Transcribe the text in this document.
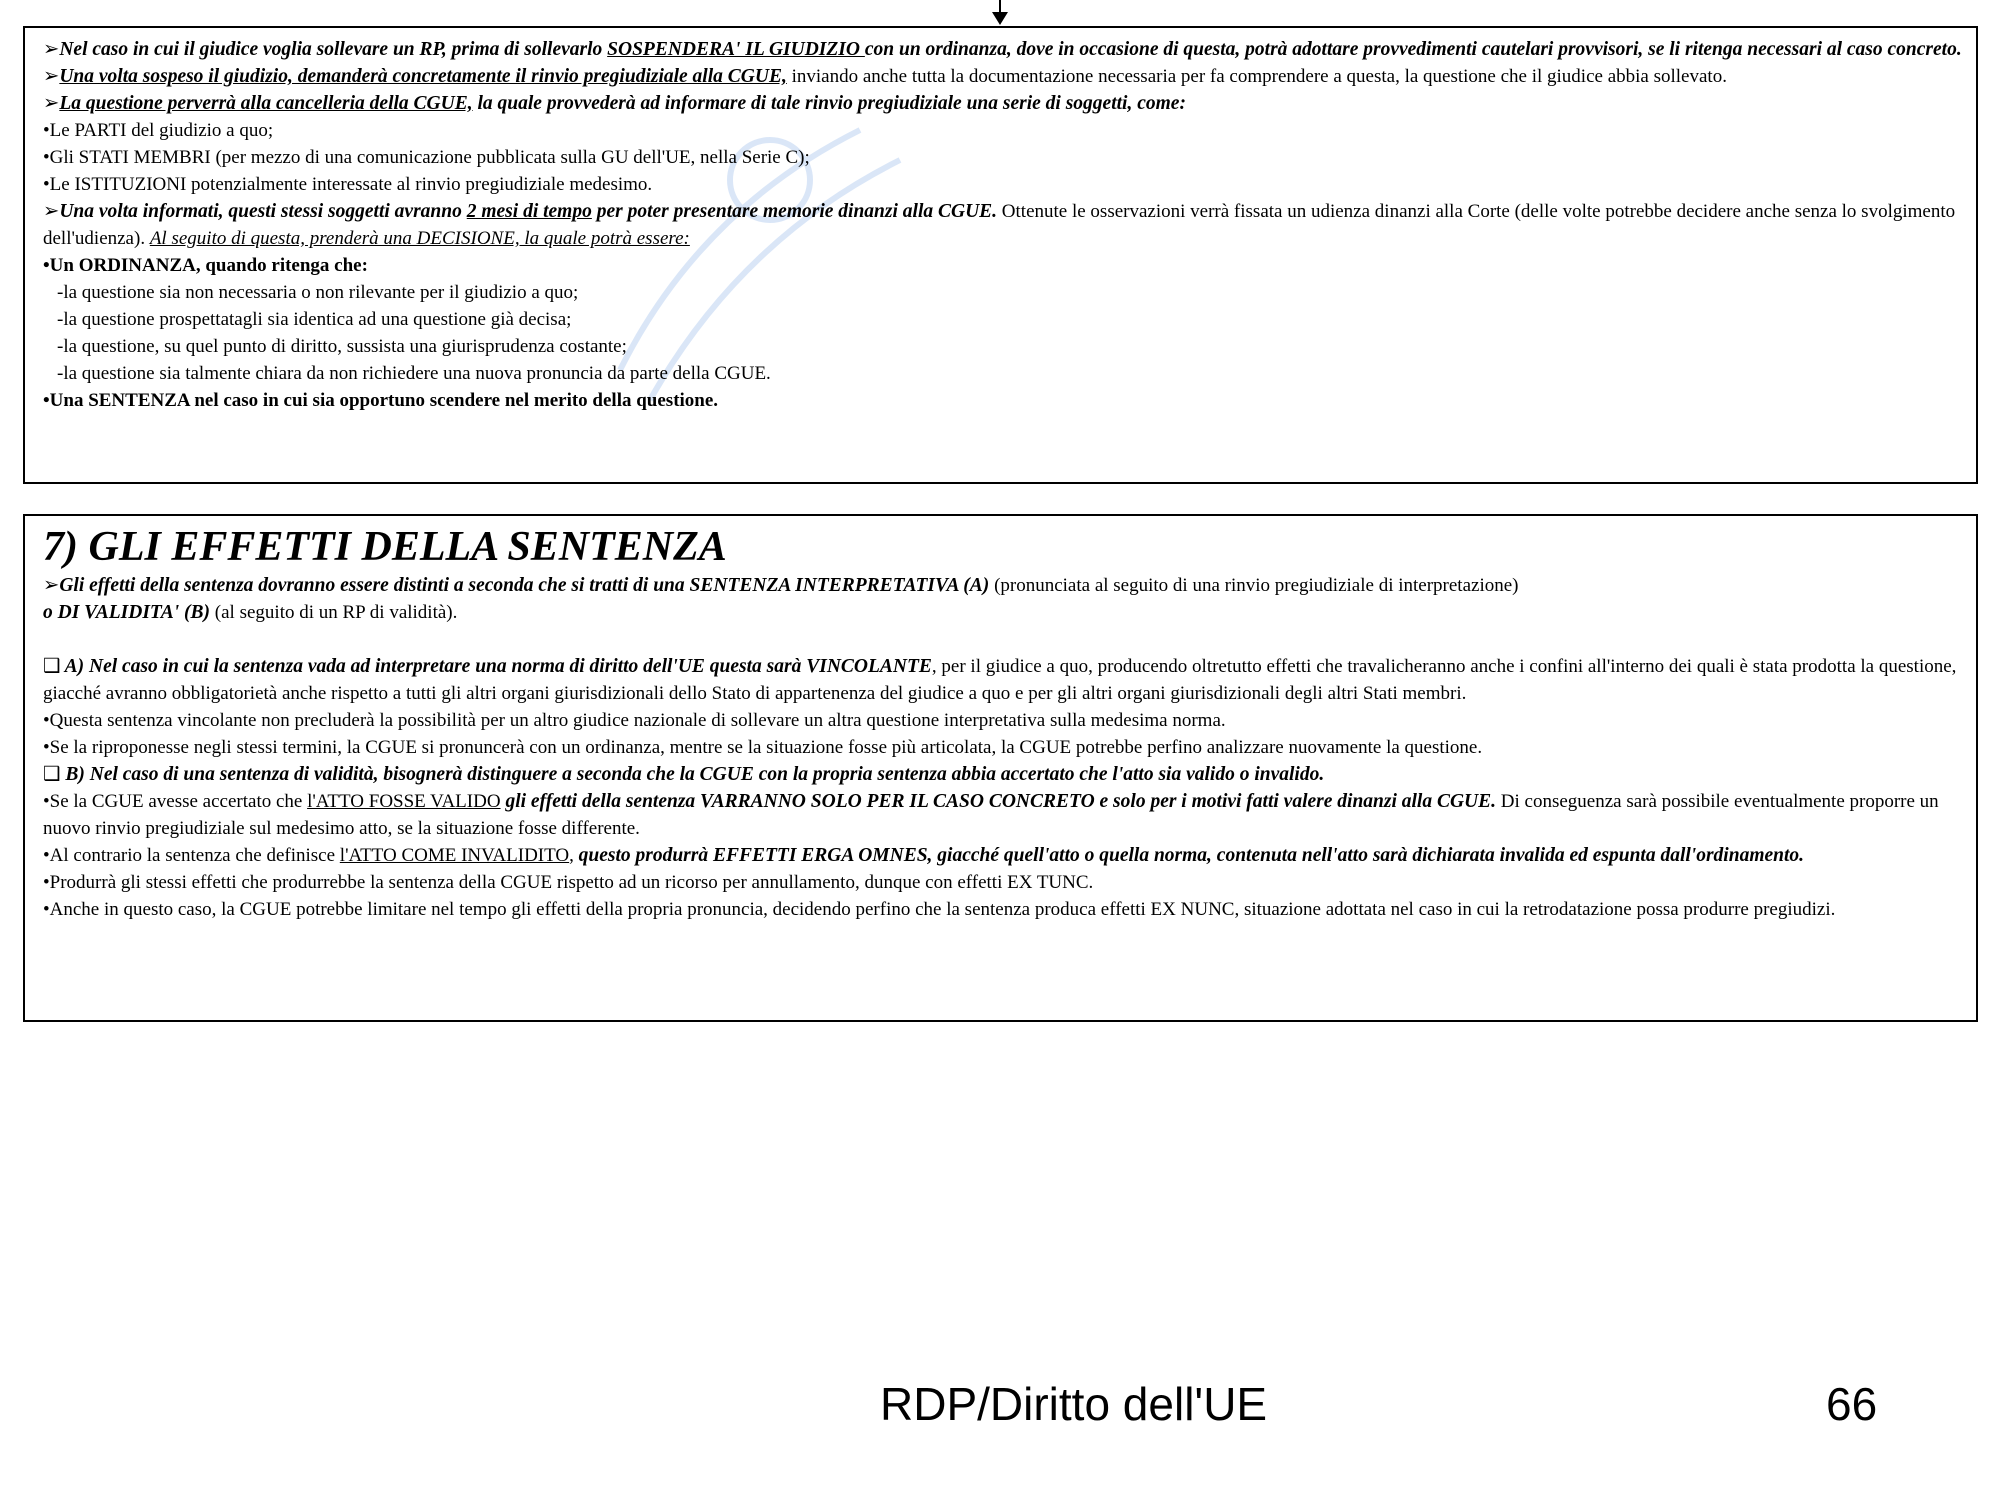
➢Nel caso in cui il giudice voglia sollevare un RP, prima di sollevarlo SOSPENDERA' IL GIUDIZIO con un ordinanza, dove in occasione di questa, potrà adottare provvedimenti cautelari provvisori, se li ritenga necessari al caso concreto.

➢Una volta sospeso il giudizio, demanderà concretamente il rinvio pregiudiziale alla CGUE, inviando anche tutta la documentazione necessaria per fa comprendere a questa, la questione che il giudice abbia sollevato.

➢La questione perverrà alla cancelleria della CGUE, la quale provvederà ad informare di tale rinvio pregiudiziale una serie di soggetti, come:

•Le PARTI del giudizio a quo;

•Gli STATI MEMBRI (per mezzo di una comunicazione pubblicata sulla GU dell'UE, nella Serie C);

•Le ISTITUZIONI potenzialmente interessate al rinvio pregiudiziale medesimo.

➢Una volta informati, questi stessi soggetti avranno 2 mesi di tempo per poter presentare memorie dinanzi alla CGUE. Ottenute le osservazioni verrà fissata un udienza dinanzi alla Corte (delle volte potrebbe decidere anche senza lo svolgimento dell'udienza). Al seguito di questa, prenderà una DECISIONE, la quale potrà essere:

•Un ORDINANZA, quando ritenga che:

-la questione sia non necessaria o non rilevante per il giudizio a quo;

-la questione prospettatagli sia identica ad una questione già decisa;

-la questione, su quel punto di diritto, sussista una giurisprudenza costante;

-la questione sia talmente chiara da non richiedere una nuova pronuncia da parte della CGUE.

•Una SENTENZA nel caso in cui sia opportuno scendere nel merito della questione.

7) GLI EFFETTI DELLA SENTENZA

➢Gli effetti della sentenza dovranno essere distinti a seconda che si tratti di una SENTENZA INTERPRETATIVA (A) (pronunciata al seguito di una rinvio pregiudiziale di interpretazione)
o DI VALIDITA' (B) (al seguito di un RP di validità).

❑ A) Nel caso in cui la sentenza vada ad interpretare una norma di diritto dell'UE questa sarà VINCOLANTE, per il giudice a quo, producendo oltretutto effetti che travalicheranno anche i confini all'interno dei quali è stata prodotta la questione, giacché avranno obbligatorietà anche rispetto a tutti gli altri organi giurisdizionali dello Stato di appartenenza del giudice a quo e per gli altri organi giurisdizionali degli altri Stati membri.

•Questa sentenza vincolante non precluderà la possibilità per un altro giudice nazionale di sollevare un altra questione interpretativa sulla medesima norma.

•Se la riproponesse negli stessi termini, la CGUE si pronuncerà con un ordinanza, mentre se la situazione fosse più articolata, la CGUE potrebbe perfino analizzare nuovamente la questione.

❑ B) Nel caso di una sentenza di validità, bisognerà distinguere a seconda che la CGUE con la propria sentenza abbia accertato che l'atto sia valido o invalido.

•Se la CGUE avesse accertato che l'ATTO FOSSE VALIDO gli effetti della sentenza VARRANNO SOLO PER IL CASO CONCRETO e solo per i motivi fatti valere dinanzi alla CGUE. Di conseguenza sarà possibile eventualmente proporre un nuovo rinvio pregiudiziale sul medesimo atto, se la situazione fosse differente.

•Al contrario la sentenza che definisce l'ATTO COME INVALIDITO, questo produrrà EFFETTI ERGA OMNES, giacché quell'atto o quella norma, contenuta nell'atto sarà dichiarata invalida ed espunta dall'ordinamento.

•Produrrà gli stessi effetti che produrrebbe la sentenza della CGUE rispetto ad un ricorso per annullamento, dunque con effetti EX TUNC.

•Anche in questo caso, la CGUE potrebbe limitare nel tempo gli effetti della propria pronuncia, decidendo perfino che la sentenza produca effetti EX NUNC, situazione adottata nel caso in cui la retrodatazione possa produrre pregiudizi.

RDP/Diritto dell'UE	66
